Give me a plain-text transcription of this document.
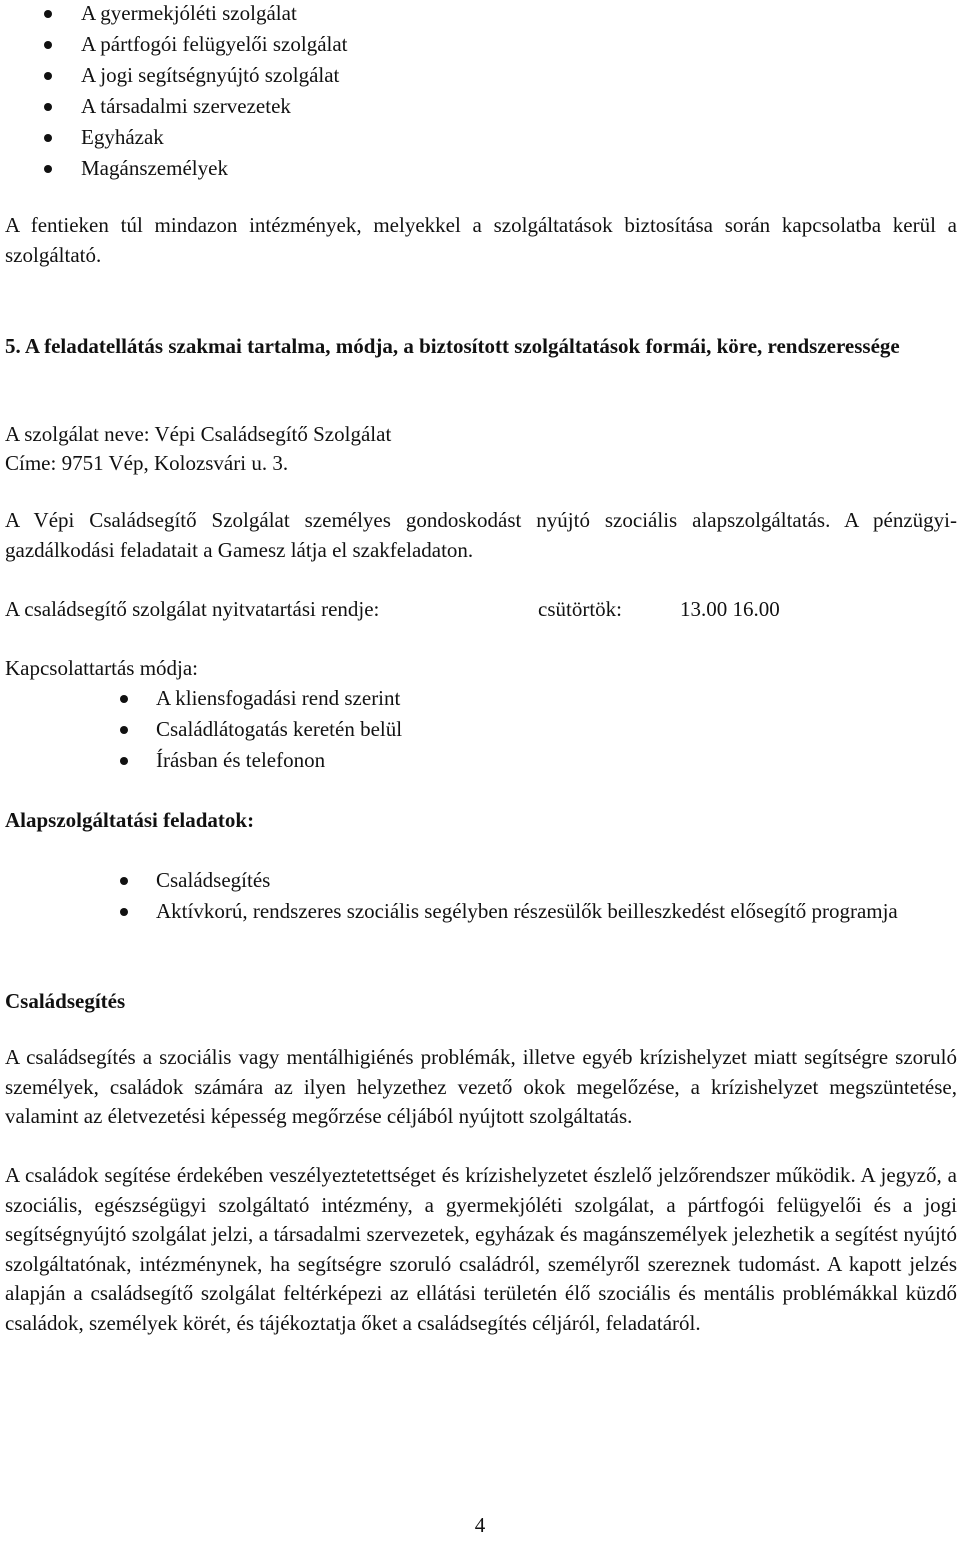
A gyermekjóléti szolgálat
A pártfogói felügyelői szolgálat
A jogi segítségnyújtó szolgálat
A társadalmi szervezetek
Egyházak
Magánszemélyek
A fentieken túl mindazon intézmények, melyekkel a szolgáltatások biztosítása során kapcsolatba kerül a szolgáltató.
5. A feladatellátás szakmai tartalma, módja, a biztosított szolgáltatások formái, köre, rendszeressége
A szolgálat neve: Vépi Családsegítő Szolgálat
Címe: 9751 Vép, Kolozsvári u. 3.
A Vépi Családsegítő Szolgálat személyes gondoskodást nyújtó szociális alapszolgáltatás. A pénzügyi-gazdálkodási feladatait a Gamesz látja el szakfeladaton.
A családsegítő szolgálat nyitvatartási rendje:	csütörtök:	13.00 16.00
Kapcsolattartás módja:
A kliensfogadási rend szerint
Családlátogatás keretén belül
Írásban és telefonon
Alapszolgáltatási feladatok:
Családsegítés
Aktívkorú, rendszeres szociális segélyben részesülők beilleszkedést elősegítő programja
Családsegítés
A családsegítés a szociális vagy mentálhigiénés problémák, illetve egyéb krízishelyzet miatt segítségre szoruló személyek, családok számára az ilyen helyzethez vezető okok megelőzése, a krízishelyzet megszüntetése, valamint az életvezetési képesség megőrzése céljából nyújtott szolgáltatás.
A családok segítése érdekében veszélyeztetettséget és krízishelyzetet észlelő jelzőrendszer működik. A jegyző, a szociális, egészségügyi szolgáltató intézmény, a gyermekjóléti szolgálat, a pártfogói felügyelői és a jogi segítségnyújtó szolgálat jelzi, a társadalmi szervezetek, egyházak és magánszemélyek jelezhetik a segítést nyújtó szolgáltatónak, intézménynek, ha segítségre szoruló családról, személyről szereznek tudomást. A kapott jelzés alapján a családsegítő szolgálat feltérképezi az ellátási területén élő szociális és mentális problémákkal küzdő családok, személyek körét, és tájékoztatja őket a családsegítés céljáról, feladatáról.
4
